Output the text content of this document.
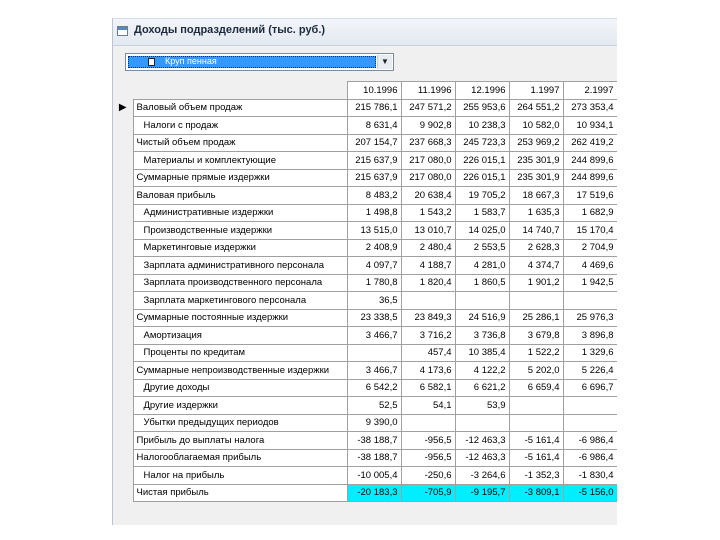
Доходы подразделений (тыс. руб.)
Круп пенная	▼
		10.1996	11.1996	12.1996	1.1997	2.1997
▶	Валовый объем продаж	215 786,1	247 571,2	255 953,6	264 551,2	273 353,4
	Налоги с продаж	8 631,4	9 902,8	10 238,3	10 582,0	10 934,1
	Чистый объем продаж	207 154,7	237 668,3	245 723,3	253 969,2	262 419,2
	Материалы и комплектующие	215 637,9	217 080,0	226 015,1	235 301,9	244 899,6
	Суммарные прямые издержки	215 637,9	217 080,0	226 015,1	235 301,9	244 899,6
	Валовая прибыль	8 483,2	20 638,4	19 705,2	18 667,3	17 519,6
	Административные издержки	1 498,8	1 543,2	1 583,7	1 635,3	1 682,9
	Производственные издержки	13 515,0	13 010,7	14 025,0	14 740,7	15 170,4
	Маркетинговые издержки	2 408,9	2 480,4	2 553,5	2 628,3	2 704,9
	Зарплата административного персонала	4 097,7	4 188,7	4 281,0	4 374,7	4 469,6
	Зарплата производственного персонала	1 780,8	1 820,4	1 860,5	1 901,2	1 942,5
	Зарплата маркетингового персонала	36,5				
	Суммарные постоянные издержки	23 338,5	23 849,3	24 516,9	25 286,1	25 976,3
	Амортизация	3 466,7	3 716,2	3 736,8	3 679,8	3 896,8
	Проценты по кредитам		457,4	10 385,4	1 522,2	1 329,6
	Суммарные непроизводственные издержки	3 466,7	4 173,6	4 122,2	5 202,0	5 226,4
	Другие доходы	6 542,2	6 582,1	6 621,2	6 659,4	6 696,7
	Другие издержки	52,5	54,1	53,9		
	Убытки предыдущих периодов	9 390,0				
	Прибыль до выплаты налога	-38 188,7	-956,5	-12 463,3	-5 161,4	-6 986,4
	Налогооблагаемая прибыль	-38 188,7	-956,5	-12 463,3	-5 161,4	-6 986,4
	Налог на прибыль	-10 005,4	-250,6	-3 264,6	-1 352,3	-1 830,4
	Чистая прибыль	-20 183,3	-705,9	-9 195,7	-3 809,1	-5 156,0
